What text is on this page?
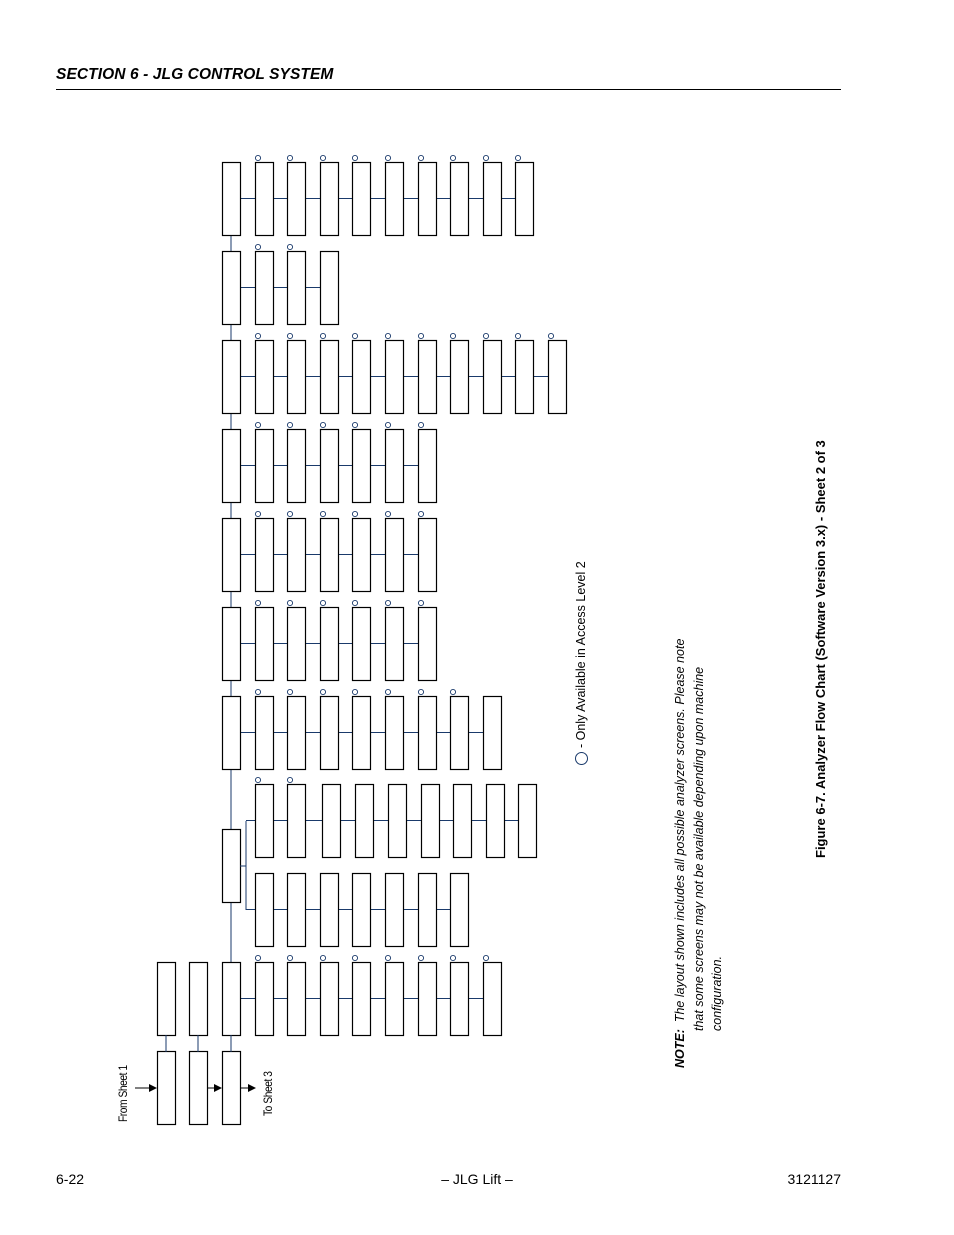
SECTION 6 - JLG CONTROL SYSTEM
From Sheet 1	To Sheet 3
- Only Available in Access Level 2
NOTE:  The layout shown includes all possible analyzer screens. Please note that some screens may not be available depending upon machine configuration.
Figure 6-7. Analyzer Flow Chart (Software Version 3.x) - Sheet 2 of 3
6-22	– JLG Lift –	3121127
